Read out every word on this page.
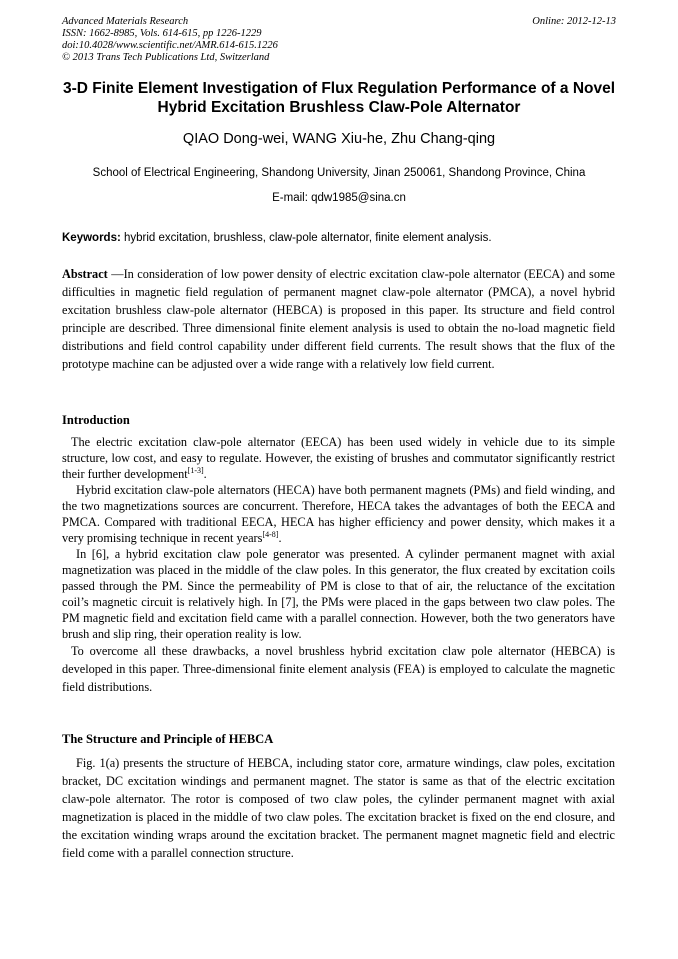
Advanced Materials Research
ISSN: 1662-8985, Vols. 614-615, pp 1226-1229
doi:10.4028/www.scientific.net/AMR.614-615.1226
© 2013 Trans Tech Publications Ltd, Switzerland
Online: 2012-12-13
3-D Finite Element Investigation of Flux Regulation Performance of a Novel Hybrid Excitation Brushless Claw-Pole Alternator
QIAO Dong-wei, WANG Xiu-he, Zhu Chang-qing
School of Electrical Engineering, Shandong University, Jinan 250061, Shandong Province, China
E-mail: qdw1985@sina.cn
Keywords: hybrid excitation, brushless, claw-pole alternator, finite element analysis.
Abstract —In consideration of low power density of electric excitation claw-pole alternator (EECA) and some difficulties in magnetic field regulation of permanent magnet claw-pole alternator (PMCA), a novel hybrid excitation brushless claw-pole alternator (HEBCA) is proposed in this paper. Its structure and field control principle are described. Three dimensional finite element analysis is used to obtain the no-load magnetic field distributions and field control capability under different field currents. The result shows that the flux of the prototype machine can be adjusted over a wide range with a relatively low field current.
Introduction

The electric excitation claw-pole alternator (EECA) has been used widely in vehicle due to its simple structure, low cost, and easy to regulate. However, the existing of brushes and commutator significantly restrict their further development[1-3].

Hybrid excitation claw-pole alternators (HECA) have both permanent magnets (PMs) and field winding, and the two magnetizations sources are concurrent. Therefore, HECA takes the advantages of both the EECA and PMCA. Compared with traditional EECA, HECA has higher efficiency and power density, which makes it a very promising technique in recent years[4-8].

In [6], a hybrid excitation claw pole generator was presented. A cylinder permanent magnet with axial magnetization was placed in the middle of the claw poles. In this generator, the flux created by excitation coils passed through the PM. Since the permeability of PM is close to that of air, the reluctance of the excitation coil’s magnetic circuit is relatively high. In [7], the PMs were placed in the gaps between two claw poles. The PM magnetic field and excitation field came with a parallel connection. However, both the two generators have brush and slip ring, their operation reality is low.

To overcome all these drawbacks, a novel brushless hybrid excitation claw pole alternator (HEBCA) is developed in this paper. Three-dimensional finite element analysis (FEA) is employed to calculate the magnetic field distributions.

The Structure and Principle of HEBCA

Fig. 1(a) presents the structure of HEBCA, including stator core, armature windings, claw poles, excitation bracket, DC excitation windings and permanent magnet. The stator is same as that of the electric excitation claw-pole alternator. The rotor is composed of two claw poles, the cylinder permanent magnet with axial magnetization is placed in the middle of two claw poles. The excitation bracket is fixed on the end closure, and the excitation winding wraps around the excitation bracket. The permanent magnet magnetic field and electric field come with a parallel connection structure.
